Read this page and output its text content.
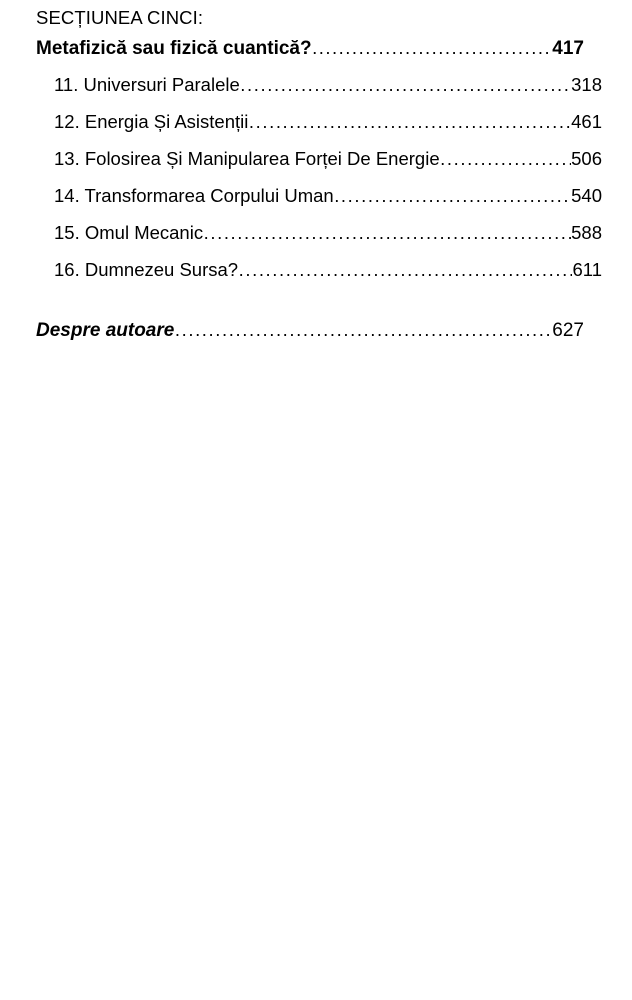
SECȚIUNEA CINCI:
Metafizică sau fizică cuantică? .....	417
11. Universuri Paralele .....	318
12. Energia Și Asistenții .....	461
13. Folosirea Și Manipularea Forței De Energie .....	506
14. Transformarea Corpului Uman .....	540
15. Omul Mecanic .....	588
16. Dumnezeu Sursa? .....	611
Despre autoare .....	627
